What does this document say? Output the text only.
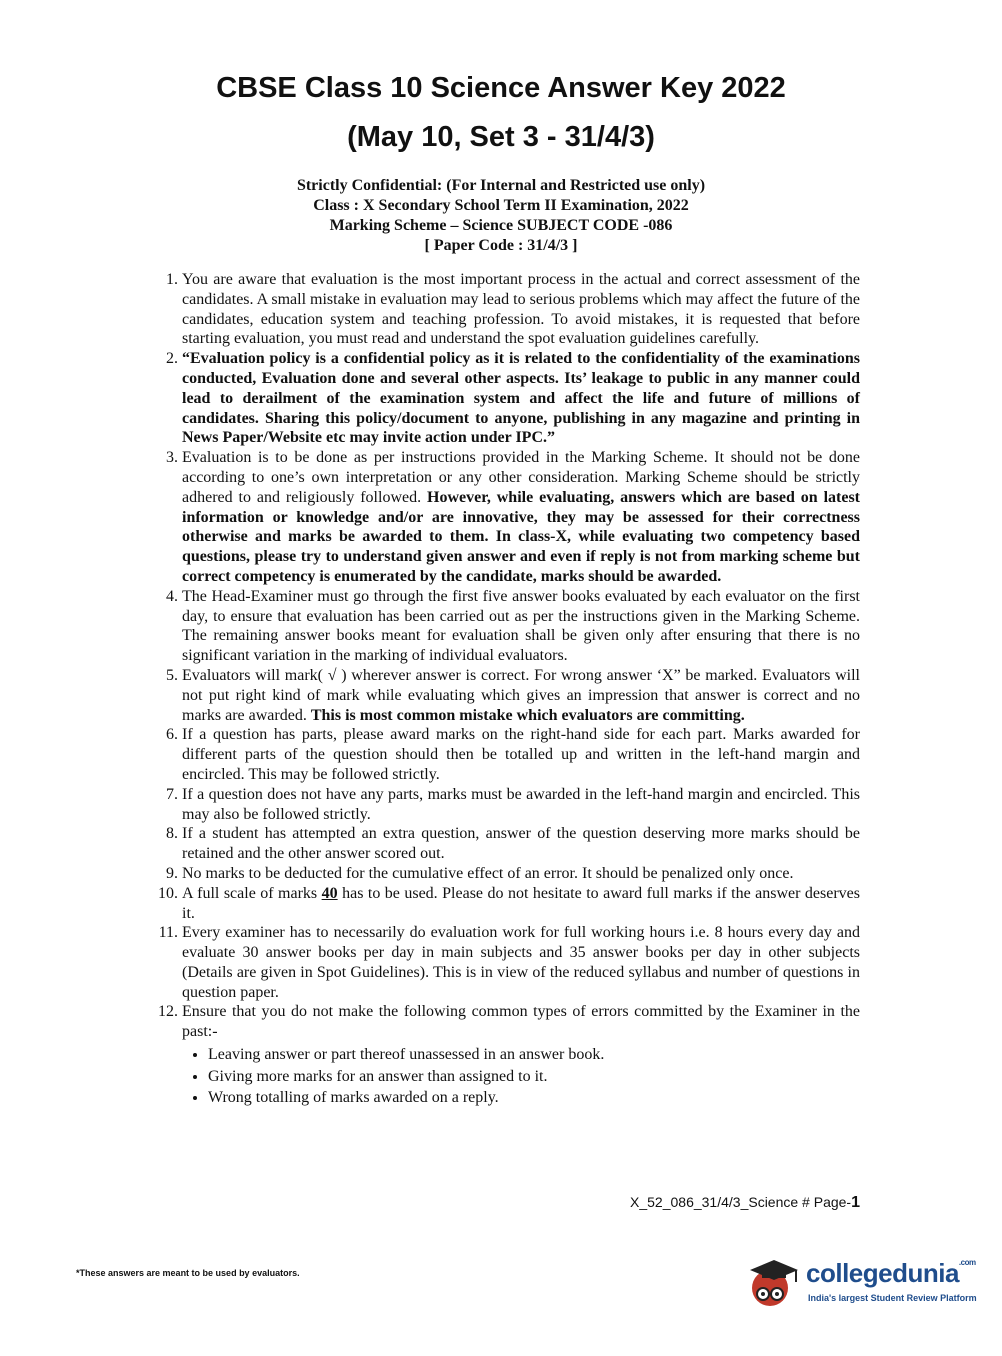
CBSE Class 10 Science Answer Key 2022
(May 10, Set 3 - 31/4/3)
Strictly Confidential: (For Internal and Restricted use only)
Class : X Secondary School Term II Examination, 2022
Marking Scheme – Science SUBJECT CODE -086
[ Paper Code : 31/4/3 ]
1. You are aware that evaluation is the most important process in the actual and correct assessment of the candidates. A small mistake in evaluation may lead to serious problems which may affect the future of the candidates, education system and teaching profession. To avoid mistakes, it is requested that before starting evaluation, you must read and understand the spot evaluation guidelines carefully.
2. “Evaluation policy is a confidential policy as it is related to the confidentiality of the examinations conducted, Evaluation done and several other aspects. Its’ leakage to public in any manner could lead to derailment of the examination system and affect the life and future of millions of candidates. Sharing this policy/document to anyone, publishing in any magazine and printing in News Paper/Website etc may invite action under IPC.”
3. Evaluation is to be done as per instructions provided in the Marking Scheme. It should not be done according to one’s own interpretation or any other consideration. Marking Scheme should be strictly adhered to and religiously followed. However, while evaluating, answers which are based on latest information or knowledge and/or are innovative, they may be assessed for their correctness otherwise and marks be awarded to them. In class-X, while evaluating two competency based questions, please try to understand given answer and even if reply is not from marking scheme but correct competency is enumerated by the candidate, marks should be awarded.
4. The Head-Examiner must go through the first five answer books evaluated by each evaluator on the first day, to ensure that evaluation has been carried out as per the instructions given in the Marking Scheme. The remaining answer books meant for evaluation shall be given only after ensuring that there is no significant variation in the marking of individual evaluators.
5. Evaluators will mark( √ ) wherever answer is correct. For wrong answer ‘X” be marked. Evaluators will not put right kind of mark while evaluating which gives an impression that answer is correct and no marks are awarded. This is most common mistake which evaluators are committing.
6. If a question has parts, please award marks on the right-hand side for each part. Marks awarded for different parts of the question should then be totalled up and written in the left-hand margin and encircled. This may be followed strictly.
7. If a question does not have any parts, marks must be awarded in the left-hand margin and encircled. This may also be followed strictly.
8. If a student has attempted an extra question, answer of the question deserving more marks should be retained and the other answer scored out.
9. No marks to be deducted for the cumulative effect of an error. It should be penalized only once.
10. A full scale of marks 40 has to be used. Please do not hesitate to award full marks if the answer deserves it.
11. Every examiner has to necessarily do evaluation work for full working hours i.e. 8 hours every day and evaluate 30 answer books per day in main subjects and 35 answer books per day in other subjects (Details are given in Spot Guidelines). This is in view of the reduced syllabus and number of questions in question paper.
12. Ensure that you do not make the following common types of errors committed by the Examiner in the past:-
• Leaving answer or part thereof unassessed in an answer book.
• Giving more marks for an answer than assigned to it.
• Wrong totalling of marks awarded on a reply.
X_52_086_31/4/3_Science # Page-1
*These answers are meant to be used by evaluators.	collegedunia$^{.com}$
India's largest Student Review Platform
